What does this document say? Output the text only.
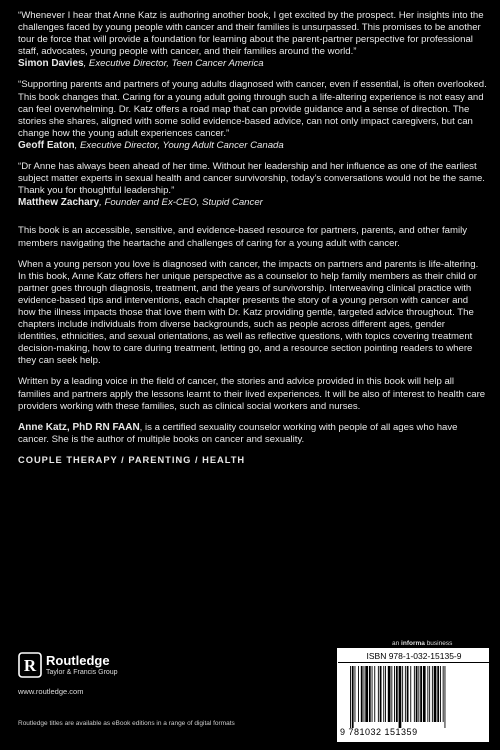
“Whenever I hear that Anne Katz is authoring another book, I get excited by the prospect. Her insights into the challenges faced by young people with cancer and their families is unsurpassed. This promises to be another tour de force that will provide a foundation for learning about the parent-partner perspective for professional staff, advocates, young people with cancer, and their families around the world.”
Simon Davies, Executive Director, Teen Cancer America
“Supporting parents and partners of young adults diagnosed with cancer, even if essential, is often overlooked. This book changes that. Caring for a young adult going through such a life-altering experience is not easy and can feel overwhelming. Dr. Katz offers a road map that can provide guidance and a sense of direction. The stories she shares, aligned with some solid evidence-based advice, can not only impact caregivers, but can change how the young adult experiences cancer.”
Geoff Eaton, Executive Director, Young Adult Cancer Canada
“Dr Anne has always been ahead of her time. Without her leadership and her influence as one of the earliest subject matter experts in sexual health and cancer survivorship, today’s conversations would not be the same. Thank you for thoughtful leadership.”
Matthew Zachary, Founder and Ex-CEO, Stupid Cancer
This book is an accessible, sensitive, and evidence-based resource for partners, parents, and other family members navigating the heartache and challenges of caring for a young adult with cancer.
When a young person you love is diagnosed with cancer, the impacts on partners and parents is life-altering. In this book, Anne Katz offers her unique perspective as a counselor to help family members as their child or partner goes through diagnosis, treatment, and the years of survivorship. Interweaving clinical practice with evidence-based tips and interventions, each chapter presents the story of a young person with cancer and how the illness impacts those that love them with Dr. Katz providing gentle, targeted advice throughout. The chapters include individuals from diverse backgrounds, such as people across different ages, gender identities, ethnicities, and sexual orientations, as well as reflective questions, with topics covering treatment decision-making, how to care during treatment, letting go, and a resource section pointing readers to where they can seek help.
Written by a leading voice in the field of cancer, the stories and advice provided in this book will help all families and partners apply the lessons learnt to their lived experiences. It will be also of interest to health care providers working with these families, such as clinical social workers and nurses.
Anne Katz, PhD RN FAAN, is a certified sexuality counselor working with people of all ages who have cancer. She is the author of multiple books on cancer and sexuality.
COUPLE THERAPY / PARENTING / HEALTH
an informa business
R Routledge
Taylor & Francis Group
www.routledge.com
Routledge titles are available as eBook editions in a range of digital formats
ISBN 978-1-032-15135-9
9 781032 151359
